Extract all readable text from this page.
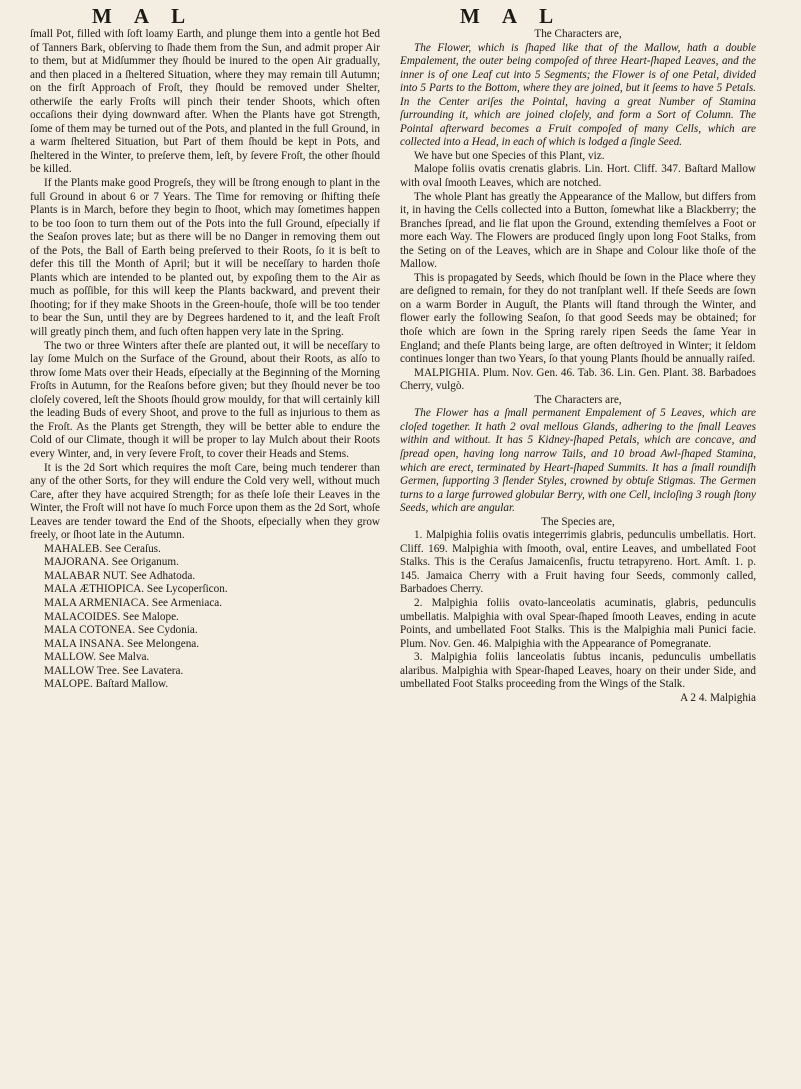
M A L	M A L

ſmall Pot, filled with ſoft loamy Earth, and plunge them into a gentle hot Bed of Tanners Bark, obſerving to ſhade them from the Sun, and admit proper Air to them, but at Midſummer they ſhould be inured to the open Air gradually, and then placed in a ſheltered Situation, where they may remain till Autumn; on the firſt Approach of Froſt, they ſhould be removed under Shelter, otherwiſe the early Froſts will pinch their tender Shoots, which often occaſions their dying downward after. When the Plants have got Strength, ſome of them may be turned out of the Pots, and planted in the full Ground, in a warm ſheltered Situation, but Part of them ſhould be kept in Pots, and ſheltered in the Winter, to preſerve them, leſt, by ſevere Froſt, the other ſhould be killed.

If the Plants make good Progreſs, they will be ſtrong enough to plant in the full Ground in about 6 or 7 Years. The Time for removing or ſhifting theſe Plants is in March, before they begin to ſhoot, which may ſometimes happen to be too ſoon to turn them out of the Pots into the full Ground, eſpecially if the Seaſon proves late; but as there will be no Danger in removing them out of the Pots, the Ball of Earth being preſerved to their Roots, ſo it is beſt to defer this till the Month of April; but it will be neceſſary to harden thoſe Plants which are intended to be planted out, by expoſing them to the Air as much as poſſible, for this will keep the Plants backward, and prevent their ſhooting; for if they make Shoots in the Green-houſe, thoſe will be too tender to bear the Sun, until they are by Degrees hardened to it, and the leaſt Froſt will greatly pinch them, and ſuch often happen very late in the Spring.

The two or three Winters after theſe are planted out, it will be neceſſary to lay ſome Mulch on the Surface of the Ground, about their Roots, as alſo to throw ſome Mats over their Heads, eſpecially at the Beginning of the Morning Froſts in Autumn, for the Reaſons before given; but they ſhould never be too cloſely covered, leſt the Shoots ſhould grow mouldy, for that will certainly kill the leading Buds of every Shoot, and prove to the full as injurious to them as the Froſt. As the Plants get Strength, they will be better able to endure the Cold of our Climate, though it will be proper to lay Mulch about their Roots every Winter, and, in very ſevere Froſt, to cover their Heads and Stems.

It is the 2d Sort which requires the moſt Care, being much tenderer than any of the other Sorts, for they will endure the Cold very well, without much Care, after they have acquired Strength; for as theſe loſe their Leaves in the Winter, the Froſt will not have ſo much Force upon them as the 2d Sort, whoſe Leaves are tender toward the End of the Shoots, eſpecially when they grow freely, or ſhoot late in the Autumn.

MAHALEB. See Ceraſus.

MAJORANA. See Origanum.

MALABAR NUT. See Adhatoda.

MALA ÆTHIOPICA. See Lycoperſicon.

MALA ARMENIACA. See Armeniaca.

MALACOIDES. See Malope.

MALA COTONEA. See Cydonia.

MALA INSANA. See Melongena.

MALLOW. See Malva.

MALLOW Tree. See Lavatera.

MALOPE. Baſtard Mallow.

The Characters are,

The Flower, which is ſhaped like that of the Mallow, hath a double Empalement, the outer being compoſed of three Heart-ſhaped Leaves, and the inner is of one Leaf cut into 5 Segments; the Flower is of one Petal, divided into 5 Parts to the Bottom, where they are joined, but it ſeems to have 5 Petals. In the Center ariſes the Pointal, having a great Number of Stamina ſurrounding it, which are joined cloſely, and form a Sort of Column. The Pointal afterward becomes a Fruit compoſed of many Cells, which are collected into a Head, in each of which is lodged a ſingle Seed.

We have but one Species of this Plant, viz.

Malope foliis ovatis crenatis glabris. Lin. Hort. Cliff. 347. Baſtard Mallow with oval ſmooth Leaves, which are notched.

The whole Plant has greatly the Appearance of the Mallow, but differs from it, in having the Cells collected into a Button, ſomewhat like a Blackberry; the Branches ſpread, and lie flat upon the Ground, extending themſelves a Foot or more each Way. The Flowers are produced ſingly upon long Foot Stalks, from the Seting on of the Leaves, which are in Shape and Colour like thoſe of the Mallow.

This is propagated by Seeds, which ſhould be ſown in the Place where they are deſigned to remain, for they do not tranſplant well. If theſe Seeds are ſown on a warm Border in Auguſt, the Plants will ſtand through the Winter, and flower early the following Seaſon, ſo that good Seeds may be obtained; for thoſe which are ſown in the Spring rarely ripen Seeds the ſame Year in England; and theſe Plants being large, are often deſtroyed in Winter; it ſeldom continues longer than two Years, ſo that young Plants ſhould be annually raiſed.

MALPIGHIA. Plum. Nov. Gen. 46. Tab. 36. Lin. Gen. Plant. 38. Barbadoes Cherry, vulgò.

The Characters are,

The Flower has a ſmall permanent Empalement of 5 Leaves, which are cloſed together. It hath 2 oval mellous Glands, adhering to the ſmall Leaves within and without. It has 5 Kidney-ſhaped Petals, which are concave, and ſpread open, having long narrow Tails, and 10 broad Awl-ſhaped Stamina, which are erect, terminated by Heart-ſhaped Summits. It has a ſmall roundiſh Germen, ſupporting 3 ſlender Styles, crowned by obtuſe Stigmas. The Germen turns to a large furrowed globular Berry, with one Cell, incloſing 3 rough ſtony Seeds, which are angular.

The Species are,

1. Malpighia foliis ovatis integerrimis glabris, pedunculis umbellatis. Hort. Cliff. 169. Malpighia with ſmooth, oval, entire Leaves, and umbellated Foot Stalks. This is the Ceraſus Jamaicenſis, fructu tetrapyreno. Hort. Amſt. 1. p. 145. Jamaica Cherry with a Fruit having four Seeds, commonly called, Barbadoes Cherry.

2. Malpighia foliis ovato-lanceolatis acuminatis, glabris, pedunculis umbellatis. Malpighia with oval Spear-ſhaped ſmooth Leaves, ending in acute Points, and umbellated Foot Stalks. This is the Malpighia mali Punici facie. Plum. Nov. Gen. 46. Malpighia with the Appearance of Pomegranate.

3. Malpighia foliis lanceolatis ſubtus incanis, pedunculis umbellatis alaribus. Malpighia with Spear-ſhaped Leaves, hoary on their under Side, and umbellated Foot Stalks proceeding from the Wings of the Stalk.

A 2 4. Malpighia
